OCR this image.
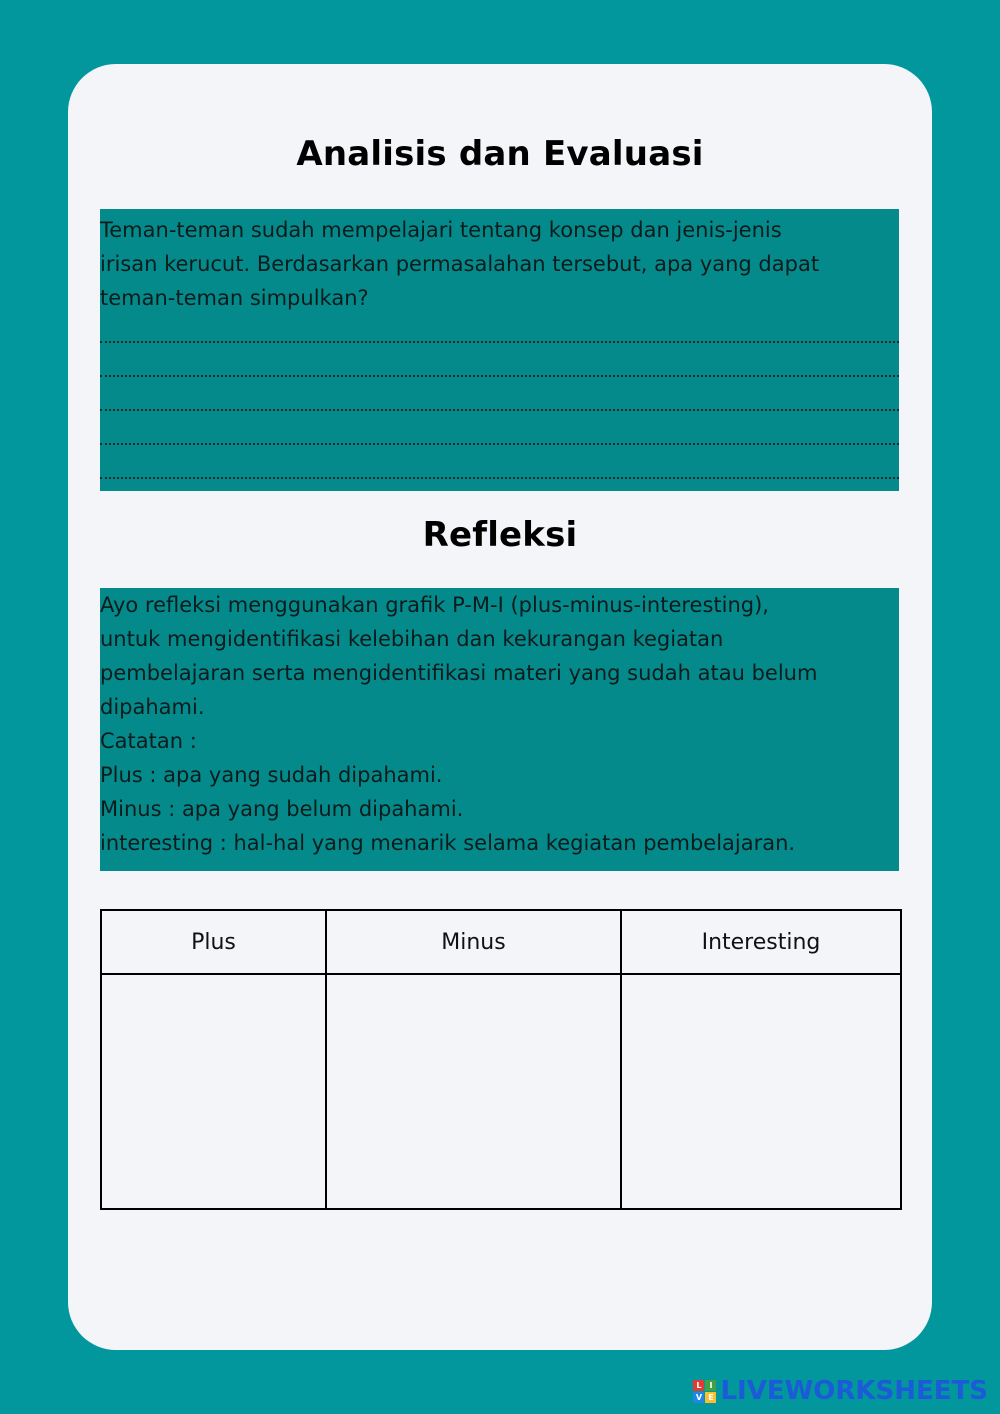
Analisis dan Evaluasi

Teman-teman sudah mempelajari tentang konsep dan jenis-jenis

irisan kerucut. Berdasarkan permasalahan tersebut, apa yang dapat

teman-teman simpulkan?

Refleksi

Ayo refleksi menggunakan grafik P-M-I (plus-minus-interesting),

untuk mengidentifikasi kelebihan dan kekurangan kegiatan

pembelajaran serta mengidentifikasi materi yang sudah atau belum

dipahami.

Catatan :

Plus : apa yang sudah dipahami.

Minus : apa yang belum dipahami.

interesting : hal-hal yang menarik selama kegiatan pembelajaran.

Plus	Minus	Interesting

L I
V E LIVEWORKSHEETS
